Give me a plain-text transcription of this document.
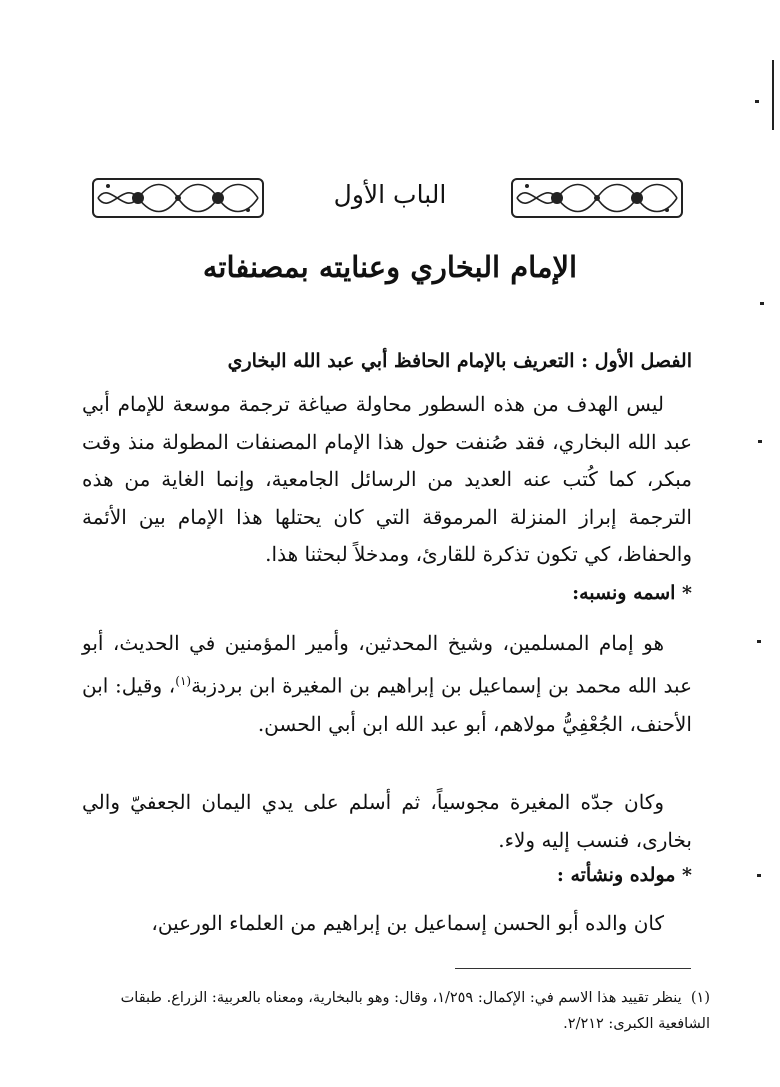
الباب الأول
الإمام البخاري وعنايته بمصنفاته
الفصل الأول : التعريف بالإمام الحافظ أبي عبد الله البخاري
ليس الهدف من هذه السطور محاولة صياغة ترجمة موسعة للإمام أبي عبد الله البخاري، فقد صُنفت حول هذا الإمام المصنفات المطولة منذ وقت مبكر، كما كُتب عنه العديد من الرسائل الجامعية، وإنما الغاية من هذه الترجمة إبراز المنزلة المرموقة التي كان يحتلها هذا الإمام بين الأئمة والحفاظ، كي تكون تذكرة للقارئ، ومدخلاً لبحثنا هذا.
* اسمه ونسبه:
هو إمام المسلمين، وشيخ المحدثين، وأمير المؤمنين في الحديث، أبو عبد الله محمد بن إسماعيل بن إبراهيم بن المغيرة ابن بردزبة$^{(١)}$، وقيل: ابن الأحنف، الجُعْفِيُّ مولاهم، أبو عبد الله ابن أبي الحسن.
وكان جدّه المغيرة مجوسياً، ثم أسلم على يدي اليمان الجعفيّ والي بخارى، فنسب إليه ولاء.
* مولده ونشأته :
كان والده أبو الحسن إسماعيل بن إبراهيم من العلماء الورعين،
(١)  ينظر تقييد هذا الاسم في: الإكمال: ١/٢٥٩، وقال: وهو بالبخارية، ومعناه بالعربية: الزراع. طبقات الشافعية الكبرى: ٢/٢١٢.
